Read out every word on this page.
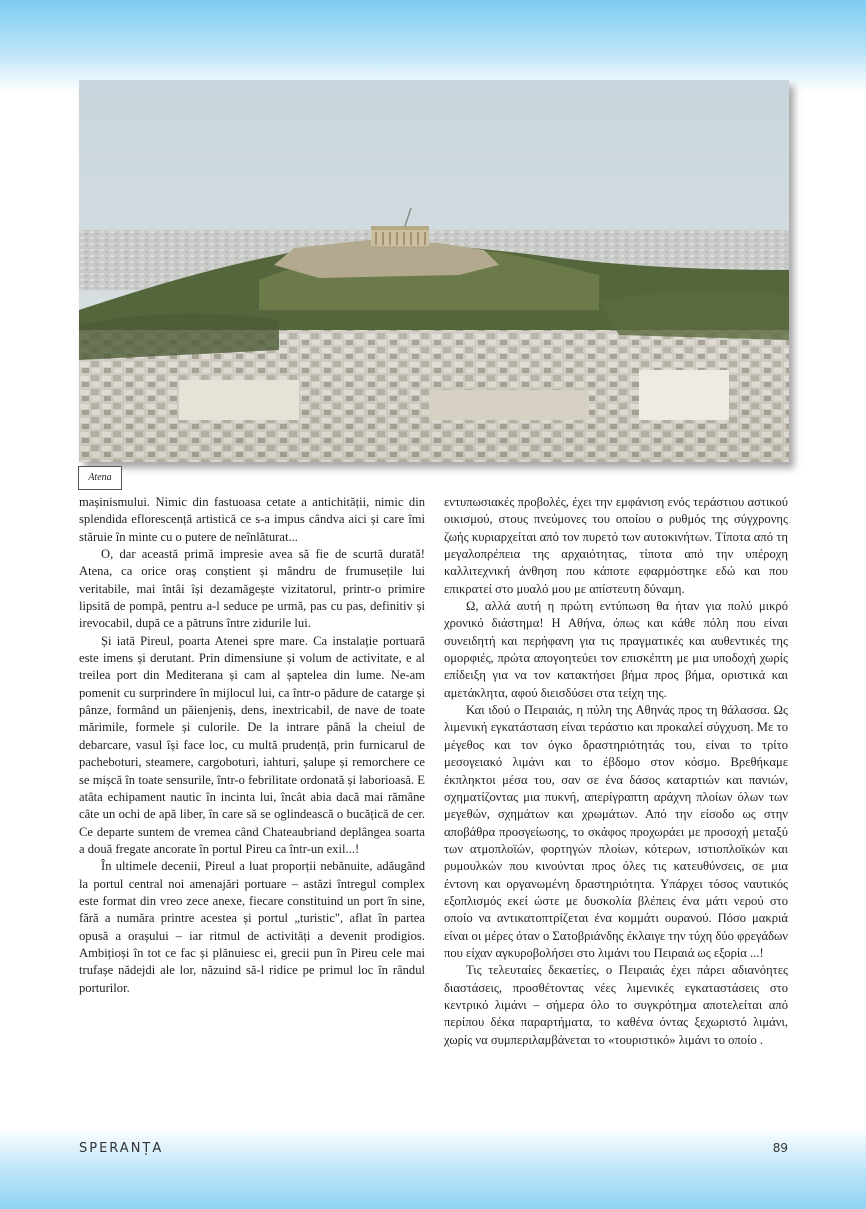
Atena

mașinismului. Nimic din fastuoasa cetate a antichității, nimic din splendida eflorescență artistică ce s-a impus cândva aici și care îmi stăruie în minte cu o putere de neînlăturat...

O, dar această primă impresie avea să fie de scurtă durată! Atena, ca orice oraș conștient și mândru de frumusețile lui veritabile, mai întâi își dezamăgește vizitatorul, printr-o primire lipsită de pompă, pentru a-l seduce pe urmă, pas cu pas, definitiv și irevocabil, după ce a pătruns între zidurile lui.

Și iată Pireul, poarta Atenei spre mare. Ca instalație portuară este imens și derutant. Prin dimensiune și volum de activitate, e al treilea port din Mediterana și cam al șaptelea din lume. Ne-am pomenit cu surprindere în mijlocul lui, ca într-o pădure de catarge și pânze, formând un păienjeniș, dens, inextricabil, de nave de toate mărimile, formele și culorile. De la intrare până la cheiul de debarcare, vasul își face loc, cu multă prudență, prin furnicarul de pacheboturi, steamere, cargoboturi, iahturi, șalupe și remorchere ce se mișcă în toate sensurile, într-o febrilitate ordonată și laborioasă. E atâta echipament nautic în incinta lui, încât abia dacă mai rămâne câte un ochi de apă liber, în care să se oglindească o bucățică de cer. Ce departe suntem de vremea când Chateaubriand deplângea soarta a două fregate ancorate în portul Pireu ca într-un exil...!

În ultimele decenii, Pireul a luat proporții nebănuite, adăugând la portul central noi amenajări portuare – astăzi întregul complex este format din vreo zece anexe, fiecare constituind un port în sine, fără a număra printre acestea și portul „turistic", aflat în partea opusă a orașului – iar ritmul de activități a devenit prodigios. Ambițioși în tot ce fac și plănuiesc ei, grecii pun în Pireu cele mai trufașe nădejdi ale lor, năzuind să-l ridice pe primul loc în rândul porturilor.

εντυπωσιακές προβολές, έχει την εμφάνιση ενός τεράστιου αστικού οικισμού, στους πνεύμονες του οποίου ο ρυθμός της σύγχρονης ζωής κυριαρχείται από τον πυρετό των αυτοκινήτων. Τίποτα από τη μεγαλοπρέπεια της αρχαιότητας, τίποτα από την υπέροχη καλλιτεχνική άνθηση που κάποτε εφαρμόστηκε εδώ και που επικρατεί στο μυαλό μου με απίστευτη δύναμη.

Ω, αλλά αυτή η πρώτη εντύπωση θα ήταν για πολύ μικρό χρονικό διάστημα! Η Αθήνα, όπως και κάθε πόλη που είναι συνειδητή και περήφανη για τις πραγματικές και αυθεντικές της ομορφιές, πρώτα απογοητεύει τον επισκέπτη με μια υποδοχή χωρίς επίδειξη για να τον κατακτήσει βήμα προς βήμα, οριστικά και αμετάκλητα, αφού διεισδύσει στα τείχη της.

Και ιδού ο Πειραιάς, η πύλη της Αθηνάς προς τη θάλασσα. Ως λιμενική εγκατάσταση είναι τεράστιο και προκαλεί σύγχυση. Με το μέγεθος και τον όγκο δραστηριότητάς του, είναι το τρίτο μεσογειακό λιμάνι και το έβδομο στον κόσμο. Βρεθήκαμε έκπληκτοι μέσα του, σαν σε ένα δάσος καταρτιών και πανιών, σχηματίζοντας μια πυκνή, απερίγραπτη αράχνη πλοίων όλων των μεγεθών, σχημάτων και χρωμάτων. Από την είσοδο ως στην αποβάθρα προσγείωσης, το σκάφος προχωράει με προσοχή μεταξύ των ατμοπλοϊών, φορτηγών πλοίων, κότερων, ιστιοπλοϊκών και ρυμουλκών που κινούνται προς όλες τις κατευθύνσεις, σε μια έντονη και οργανωμένη δραστηριότητα. Υπάρχει τόσος ναυτικός εξοπλισμός εκεί ώστε με δυσκολία βλέπεις ένα μάτι νερού στο οποίο να αντικατοπτρίζεται ένα κομμάτι ουρανού. Πόσο μακριά είναι οι μέρες όταν ο Σατοβριάνδης έκλαιγε την τύχη δύο φρεγάδων που είχαν αγκυροβολήσει στο λιμάνι του Πειραιά ως εξορία ...!

Τις τελευταίες δεκαετίες, ο Πειραιάς έχει πάρει αδιανόητες διαστάσεις, προσθέτοντας νέες λιμενικές εγκαταστάσεις στο κεντρικό λιμάνι – σήμερα όλο το συγκρότημα αποτελείται από περίπου δέκα παραρτήματα, το καθένα όντας ξεχωριστό λιμάνι, χωρίς να συμπεριλαμβάνεται το «τουριστικό» λιμάνι το οποίο .

SPERANȚA	89
